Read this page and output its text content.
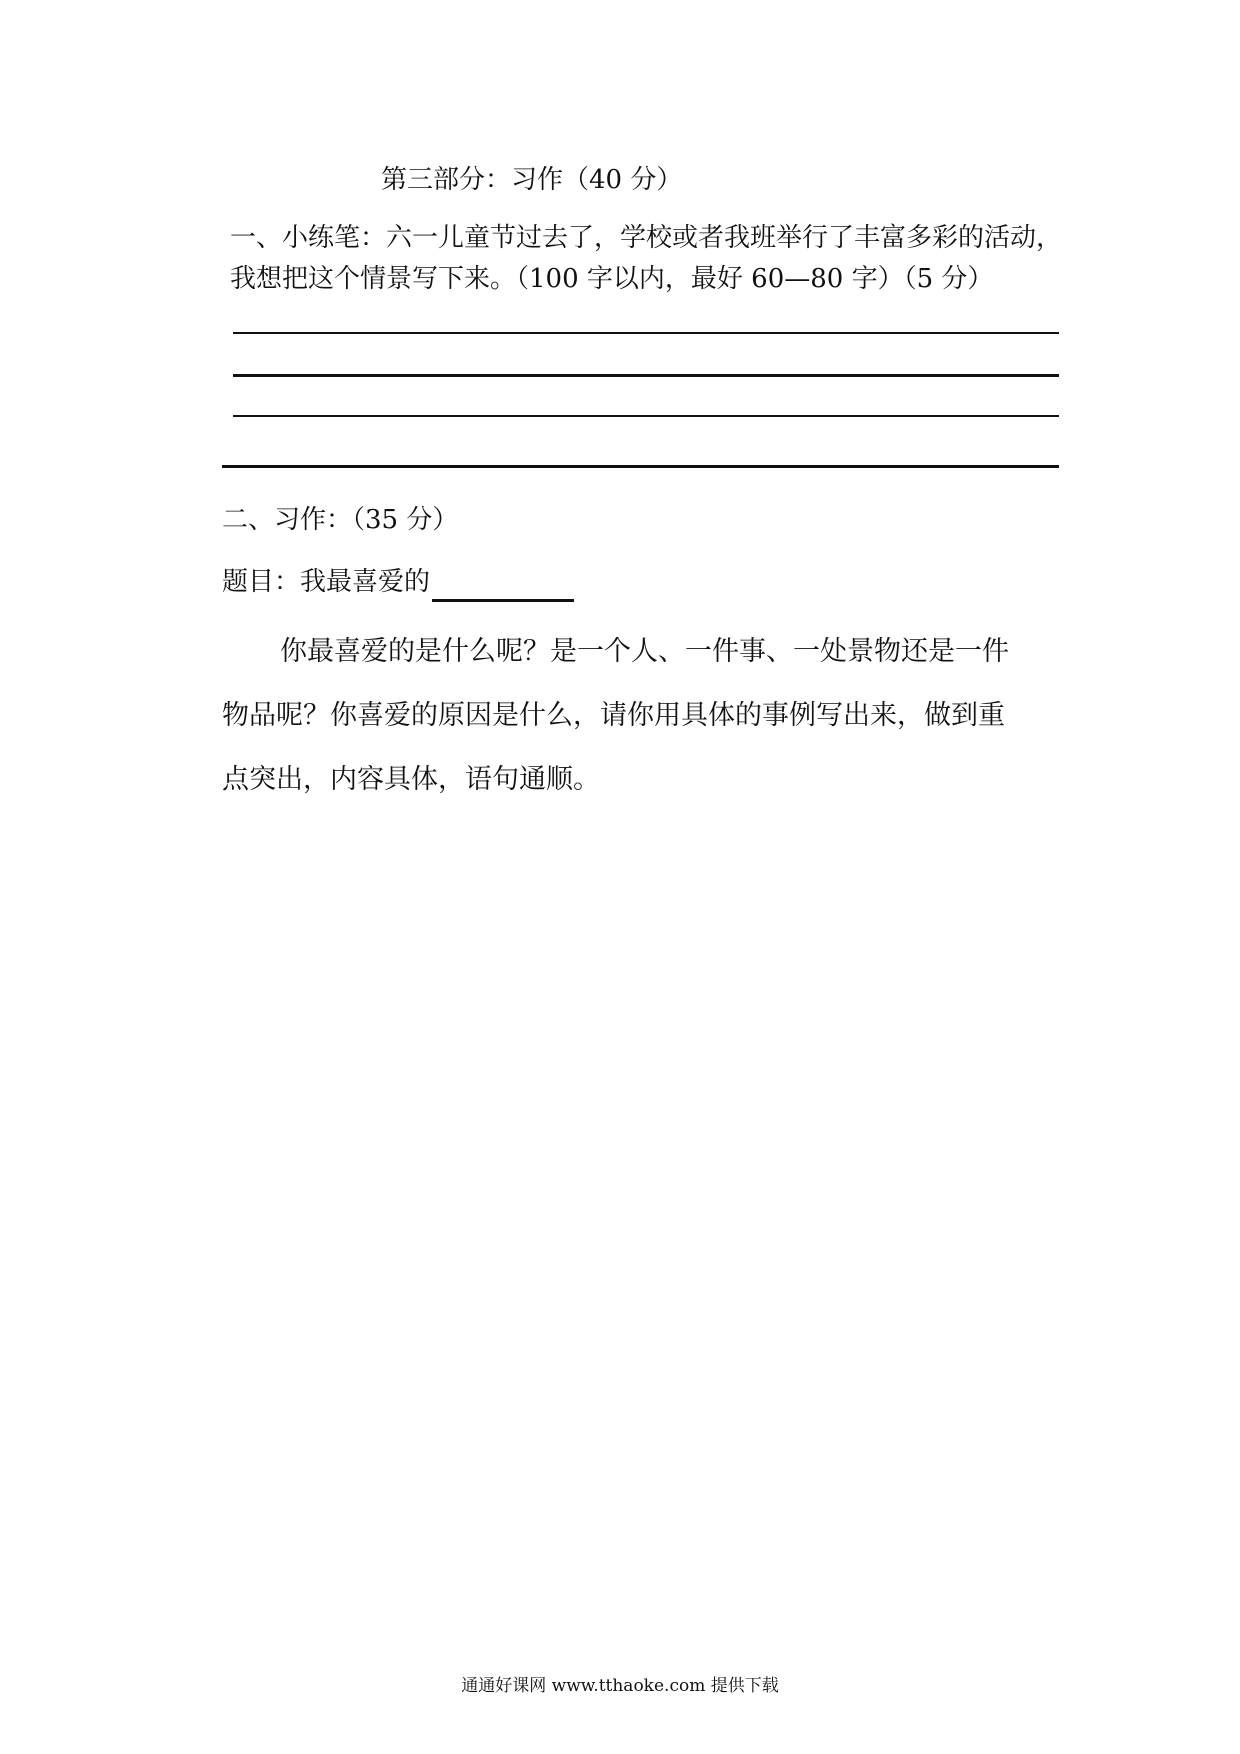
第三部分：习作（40 分）

一、小练笔：六一儿童节过去了，学校或者我班举行了丰富多彩的活动，

我想把这个情景写下来。（100 字以内，最好 60—80 字）（5 分）

二、习作：（35 分）
题目：我最喜爱的

你最喜爱的是什么呢？是一个人、一件事、一处景物还是一件

物品呢？你喜爱的原因是什么，请你用具体的事例写出来，做到重

点突出，内容具体，语句通顺。

通通好课网 www.tthaoke.com 提供下载
